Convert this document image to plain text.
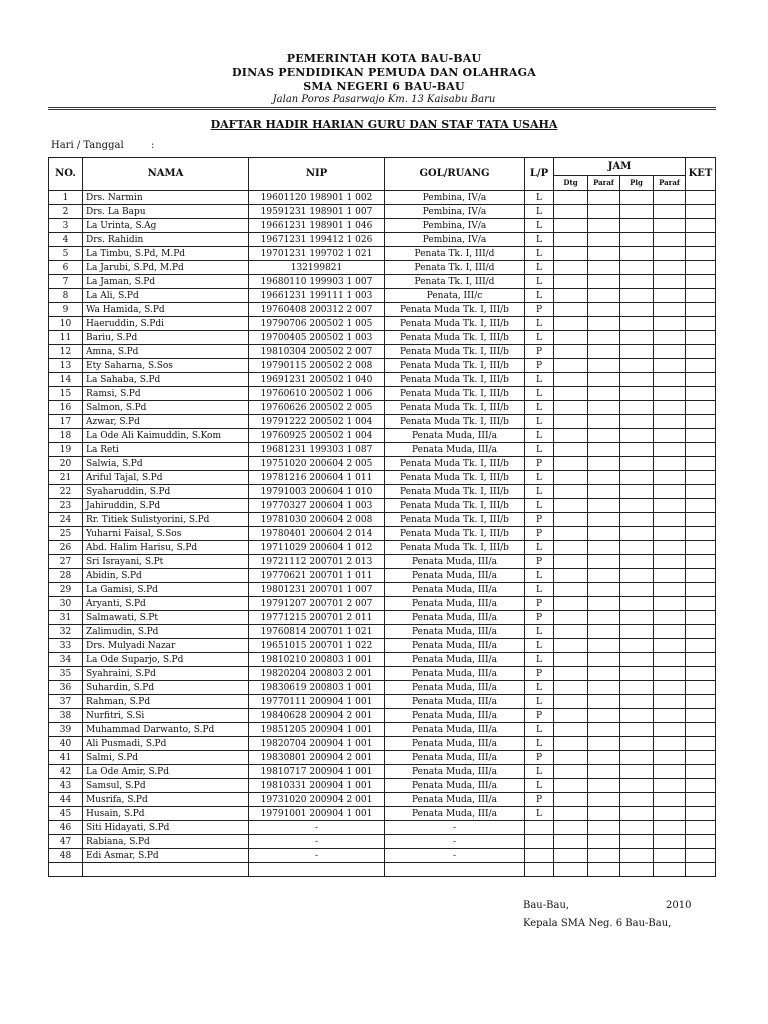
PEMERINTAH KOTA BAU-BAU
DINAS PENDIDIKAN PEMUDA DAN OLAHRAGA
SMA NEGERI 6 BAU-BAU
Jalan Poros Pasarwajo Km. 13 Kaisabu Baru
DAFTAR HADIR HARIAN GURU DAN STAF TATA USAHA
Hari / Tanggal	:
NO.	NAMA	NIP	GOL/RUANG	L/P	JAM				KET
					Dtg	Paraf	Plg	Paraf	
1	Drs. Narmin	19601120 198901 1 002	Pembina, IV/a	L					
2	Drs. La Bapu	19591231 198901 1 007	Pembina, IV/a	L					
3	La Urinta, S.Ag	19661231 198901 1 046	Pembina, IV/a	L					
4	Drs. Rahidin	19671231 199412 1 026	Pembina, IV/a	L					
5	La Timbu, S.Pd, M.Pd	19701231 199702 1 021	Penata Tk. I, III/d	L					
6	La Jarubi, S.Pd, M.Pd	132199821	Penata Tk. I, III/d	L					
7	La Jaman, S.Pd	19680110 199903 1 007	Penata Tk. I, III/d	L					
8	La Ali, S.Pd	19661231 199111 1 003	Penata, III/c	L					
9	Wa Hamida, S.Pd	19760408 200312 2 007	Penata Muda Tk. I, III/b	P					
10	Haeruddin, S.Pdi	19790706 200502 1 005	Penata Muda Tk. I, III/b	L					
11	Bariu, S.Pd	19700405 200502 1 003	Penata Muda Tk. I, III/b	L					
12	Amna, S.Pd	19810304 200502 2 007	Penata Muda Tk. I, III/b	P					
13	Ety Saharna, S.Sos	19790115 200502 2 008	Penata Muda Tk. I, III/b	P					
14	La Sahaba, S.Pd	19691231 200502 1 040	Penata Muda Tk. I, III/b	L					
15	Ramsi, S.Pd	19760610 200502 1 006	Penata Muda Tk. I, III/b	L					
16	Salmon, S.Pd	19760626 200502 2 005	Penata Muda Tk. I, III/b	L					
17	Azwar, S.Pd	19791222 200502 1 004	Penata Muda Tk. I, III/b	L					
18	La Ode Ali Kaimuddin, S.Kom	19760925 200502 1 004	Penata Muda, III/a	L					
19	La Reti	19681231 199303 1 087	Penata Muda, III/a	L					
20	Salwia, S.Pd	19751020 200604 2 005	Penata Muda Tk. I, III/b	P					
21	Ariful Tajal, S.Pd	19781216 200604 1 011	Penata Muda Tk. I, III/b	L					
22	Syaharuddin, S.Pd	19791003 200604 1 010	Penata Muda Tk. I, III/b	L					
23	Jahiruddin, S.Pd	19770327 200604 1 003	Penata Muda Tk. I, III/b	L					
24	Rr. Titiek Sulistyorini, S.Pd	19781030 200604 2 008	Penata Muda Tk. I, III/b	P					
25	Yuharni Faisal, S.Sos	19780401 200604 2 014	Penata Muda Tk. I, III/b	P					
26	Abd. Halim Harisu, S.Pd	19711029 200604 1 012	Penata Muda Tk. I, III/b	L					
27	Sri Israyani, S.Pt	19721112 200701 2 013	Penata Muda, III/a	P					
28	Abidin, S.Pd	19770621 200701 1 011	Penata Muda, III/a	L					
29	La Gamisi, S.Pd	19801231 200701 1 007	Penata Muda, III/a	L					
30	Aryanti, S.Pd	19791207 200701 2 007	Penata Muda, III/a	P					
31	Salmawati, S.Pt	19771215 200701 2 011	Penata Muda, III/a	P					
32	Zalimudin, S.Pd	19760814 200701 1 021	Penata Muda, III/a	L					
33	Drs. Mulyadi Nazar	19651015 200701 1 022	Penata Muda, III/a	L					
34	La Ode Suparjo, S.Pd	19810210 200803 1 001	Penata Muda, III/a	L					
35	Syahraini, S.Pd	19820204 200803 2 001	Penata Muda, III/a	P					
36	Suhardin, S.Pd	19830619 200803 1 001	Penata Muda, III/a	L					
37	Rahman, S.Pd	19770111 200904 1 001	Penata Muda, III/a	L					
38	Nurfitri, S.Si	19840628 200904 2 001	Penata Muda, III/a	P					
39	Muhammad Darwanto, S.Pd	19851205 200904 1 001	Penata Muda, III/a	L					
40	Ali Pusmadi, S.Pd	19820704 200904 1 001	Penata Muda, III/a	L					
41	Salmi, S.Pd	19830801 200904 2 001	Penata Muda, III/a	P					
42	La Ode Amir, S.Pd	19810717 200904 1 001	Penata Muda, III/a	L					
43	Samsul, S.Pd	19810331 200904 1 001	Penata Muda, III/a	L					
44	Musrifa, S.Pd	19731020 200904 2 001	Penata Muda, III/a	P					
45	Husain, S.Pd	19791001 200904 1 001	Penata Muda, III/a	L					
46	Siti Hidayati, S.Pd	-	-						
47	Rabiana, S.Pd	-	-						
48	Edi Asmar, S.Pd	-	-						

Bau-Bau,	2010
Kepala SMA Neg. 6 Bau-Bau,
